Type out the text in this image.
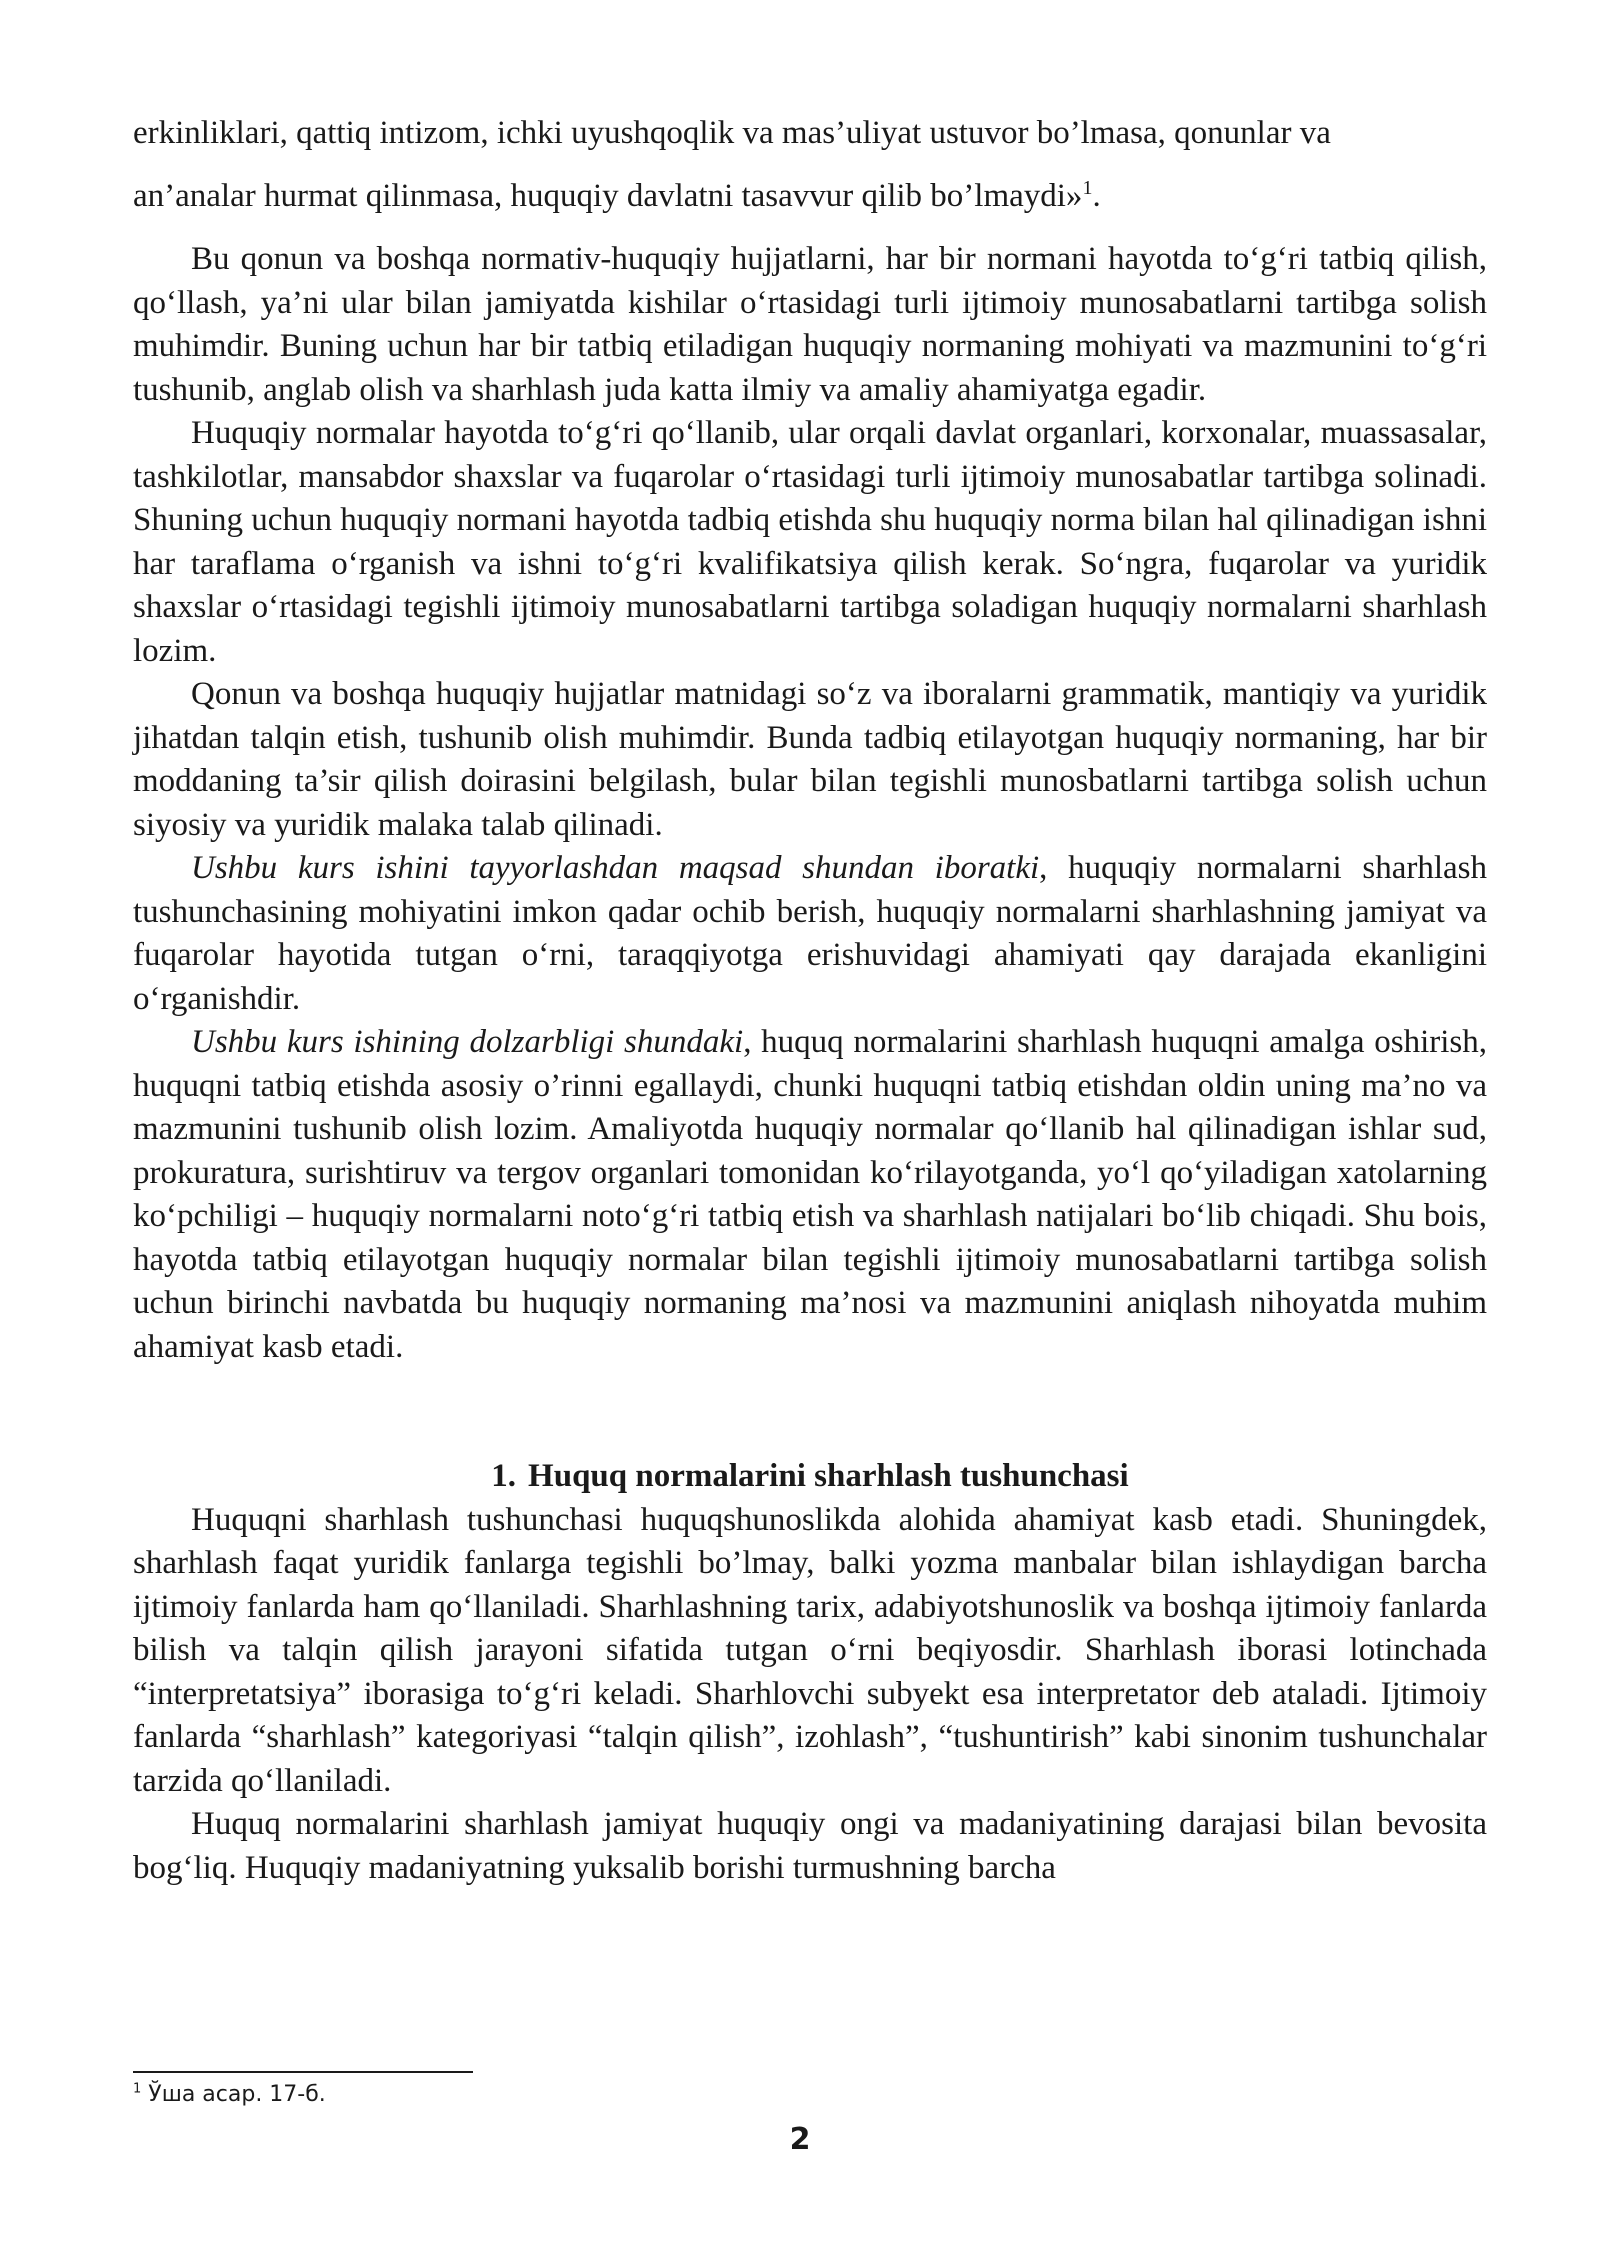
erkinliklari, qattiq intizom, ichki uyushqoqlik va mas’uliyat ustuvor bo’lmasa, qonunlar va
an’analar hurmat qilinmasa, huquqiy davlatni tasavvur qilib bo’lmaydi»$^1$.

Bu qonun va boshqa normativ-huquqiy hujjatlarni, har bir normani hayotda to‘g‘ri tatbiq qilish, qo‘llash, ya’ni ular bilan jamiyatda kishilar o‘rtasidagi turli ijtimoiy munosabatlarni tartibga solish muhimdir. Buning uchun har bir tatbiq etiladigan huquqiy normaning mohiyati va mazmunini to‘g‘ri tushunib, anglab olish va sharhlash juda katta ilmiy va amaliy ahamiyatga egadir.

Huquqiy normalar hayotda to‘g‘ri qo‘llanib, ular orqali davlat organlari, korxonalar, muassasalar, tashkilotlar, mansabdor shaxslar va fuqarolar o‘rtasidagi turli ijtimoiy munosabatlar tartibga solinadi. Shuning uchun huquqiy normani hayotda tadbiq etishda shu huquqiy norma bilan hal qilinadigan ishni har taraflama o‘rganish va ishni to‘g‘ri kvalifikatsiya qilish kerak. So‘ngra, fuqarolar va yuridik shaxslar o‘rtasidagi tegishli ijtimoiy munosabatlarni tartibga soladigan huquqiy normalarni sharhlash lozim.

Qonun va boshqa huquqiy hujjatlar matnidagi so‘z va iboralarni grammatik, mantiqiy va yuridik jihatdan talqin etish, tushunib olish muhimdir. Bunda tadbiq etilayotgan huquqiy normaning, har bir moddaning ta’sir qilish doirasini belgilash, bular bilan tegishli munosbatlarni tartibga solish uchun siyosiy va yuridik malaka talab qilinadi.

Ushbu kurs ishini tayyorlashdan maqsad shundan iboratki, huquqiy normalarni sharhlash tushunchasining mohiyatini imkon qadar ochib berish, huquqiy normalarni sharhlashning jamiyat va fuqarolar hayotida tutgan o‘rni, taraqqiyotga erishuvidagi ahamiyati qay darajada ekanligini o‘rganishdir.

Ushbu kurs ishining dolzarbligi shundaki, huquq normalarini sharhlash huquqni amalga oshirish, huquqni tatbiq etishda asosiy o’rinni egallaydi, chunki huquqni tatbiq etishdan oldin uning ma’no va mazmunini tushunib olish lozim. Amaliyotda huquqiy normalar qo‘llanib hal qilinadigan ishlar sud, prokuratura, surishtiruv va tergov organlari tomonidan ko‘rilayotganda, yo‘l qo‘yiladigan xatolarning ko‘pchiligi – huquqiy normalarni noto‘g‘ri tatbiq etish va sharhlash natijalari bo‘lib chiqadi. Shu bois, hayotda tatbiq etilayotgan huquqiy normalar bilan tegishli ijtimoiy munosabatlarni tartibga solish uchun birinchi navbatda bu huquqiy normaning ma’nosi va mazmunini aniqlash nihoyatda muhim ahamiyat kasb etadi.

1. Huquq normalarini sharhlash tushunchasi

Huquqni sharhlash tushunchasi huquqshunoslikda alohida ahamiyat kasb etadi. Shuningdek, sharhlash faqat yuridik fanlarga tegishli bo’lmay, balki yozma manbalar bilan ishlaydigan barcha ijtimoiy fanlarda ham qo‘llaniladi. Sharhlashning tarix, adabiyotshunoslik va boshqa ijtimoiy fanlarda bilish va talqin qilish jarayoni sifatida tutgan o‘rni beqiyosdir. Sharhlash iborasi lotinchada “interpretatsiya” iborasiga to‘g‘ri keladi. Sharhlovchi subyekt esa interpretator deb ataladi. Ijtimoiy fanlarda “sharhlash” kategoriyasi “talqin qilish”, izohlash”, “tushuntirish” kabi sinonim tushunchalar tarzida qo‘llaniladi.

Huquq normalarini sharhlash jamiyat huquqiy ongi va madaniyatining darajasi bilan bevosita bog‘liq. Huquqiy madaniyatning yuksalib borishi turmushning barcha

$^1$ Ўша асар. 17-б.
2
